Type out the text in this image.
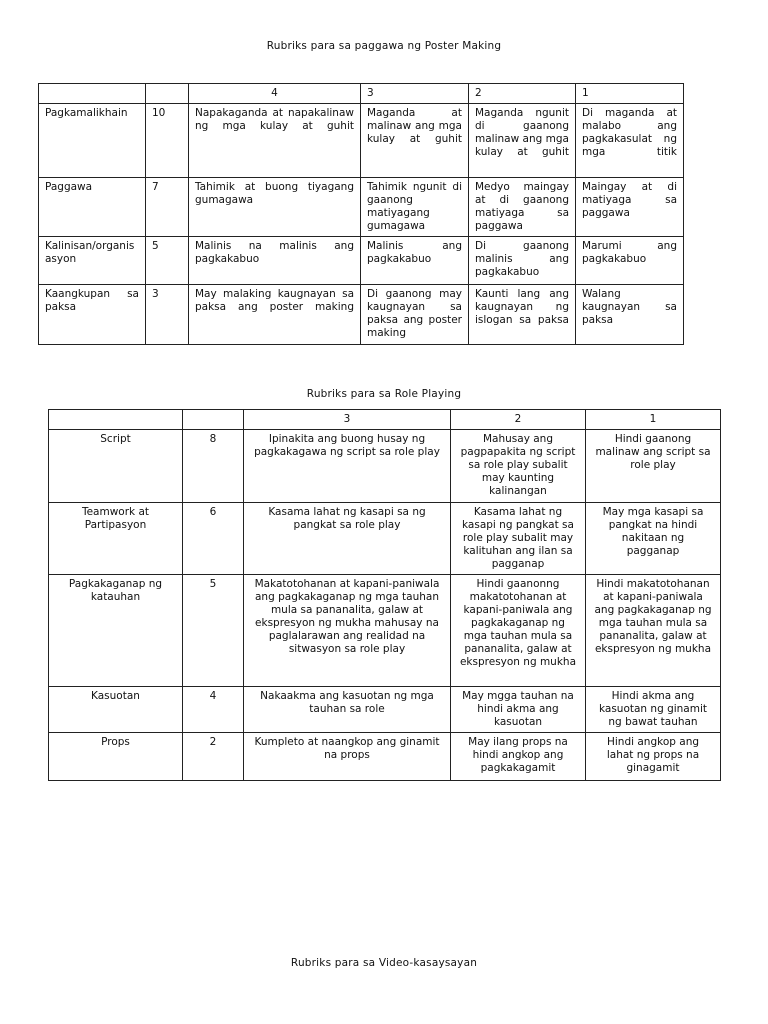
Rubriks para sa paggawa ng Poster Making
		4	3	2	1
Pagkamalikhain	10	Napakaganda at napakalinaw ng mga kulay at guhit	Maganda at malinaw ang mga kulay at guhit	Maganda ngunit di gaanong malinaw ang mga kulay at guhit	Di maganda at malabo ang pagkakasulat ng mga titik
Paggawa	7	Tahimik at buong tiyagang gumagawa	Tahimik ngunit di gaanong matiyagang gumagawa	Medyo maingay at di gaanong matiyaga sa paggawa	Maingay at di matiyaga sa paggawa
Kalinisan/organisasyon	5	Malinis na malinis ang pagkakabuo	Malinis ang pagkakabuo	Di gaanong malinis ang pagkakabuo	Marumi ang pagkakabuo
Kaangkupan sa paksa	3	May malaking kaugnayan sa paksa ang poster making	Di gaanong may kaugnayan sa paksa ang poster making	Kaunti lang ang kaugnayan ng islogan sa paksa	Walang kaugnayan sa paksa
Rubriks para sa Role Playing
		3	2	1
Script	8	Ipinakita ang buong husay ng pagkakagawa ng script sa role play	Mahusay ang pagpapakita ng script sa role play subalit may kaunting kalinangan	Hindi gaanong malinaw ang script sa role play
Teamwork at Partipasyon	6	Kasama lahat ng kasapi sa ng pangkat sa role play	Kasama lahat ng kasapi ng pangkat sa role play subalit may kalituhan ang ilan sa pagganap	May mga kasapi sa pangkat na hindi nakitaan ng pagganap
Pagkakaganap ng katauhan	5	Makatotohanan at kapani-paniwala ang pagkakaganap ng mga tauhan mula sa pananalita, galaw at ekspresyon ng mukha mahusay na paglalarawan ang realidad na sitwasyon sa role play	Hindi gaanonng makatotohanan at kapani-paniwala ang pagkakaganap ng mga tauhan mula sa pananalita, galaw at ekspresyon ng mukha	Hindi makatotohanan at kapani-paniwala ang pagkakaganap ng mga tauhan mula sa pananalita, galaw at ekspresyon ng mukha
Kasuotan	4	Nakaakma ang kasuotan ng mga tauhan sa role	May mgga tauhan na hindi akma ang kasuotan	Hindi akma ang kasuotan ng ginamit ng bawat tauhan
Props	2	Kumpleto at naangkop ang ginamit na props	May ilang props na hindi angkop ang pagkakagamit	Hindi angkop ang lahat ng props na ginagamit
Rubriks para sa Video-kasaysayan
